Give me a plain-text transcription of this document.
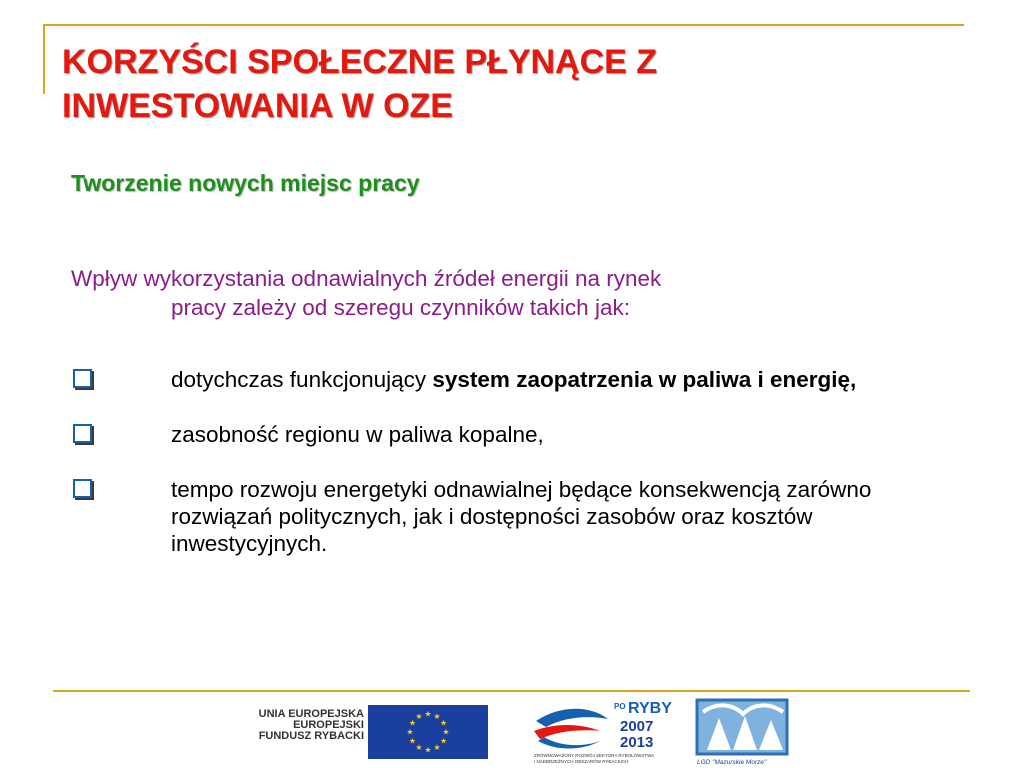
KORZYŚCI SPOŁECZNE PŁYNĄCE Z
INWESTOWANIA W OZE
Tworzenie nowych miejsc pracy
Wpływ wykorzystania odnawialnych źródeł energii na rynek
pracy zależy od szeregu czynników takich jak:
dotychczas funkcjonujący system zaopatrzenia w paliwa i energię,
zasobność regionu w paliwa kopalne,
tempo rozwoju energetyki odnawialnej będące konsekwencją zarówno rozwiązań politycznych, jak i dostępności zasobów oraz kosztów inwestycyjnych.
UNIA EUROPEJSKA
EUROPEJSKI
FUNDUSZ RYBACKI
★ ★
★
★
★
★
★
★
★
★
★
★
PO RYBY
2007
2013
ZRÓWNOWAŻONY ROZWÓJ SEKTORA RYBOŁÓWSTWA
I NADBRZEŻNYCH OBSZARÓW RYBACKICH	LGD "Mazurskie Morze"
